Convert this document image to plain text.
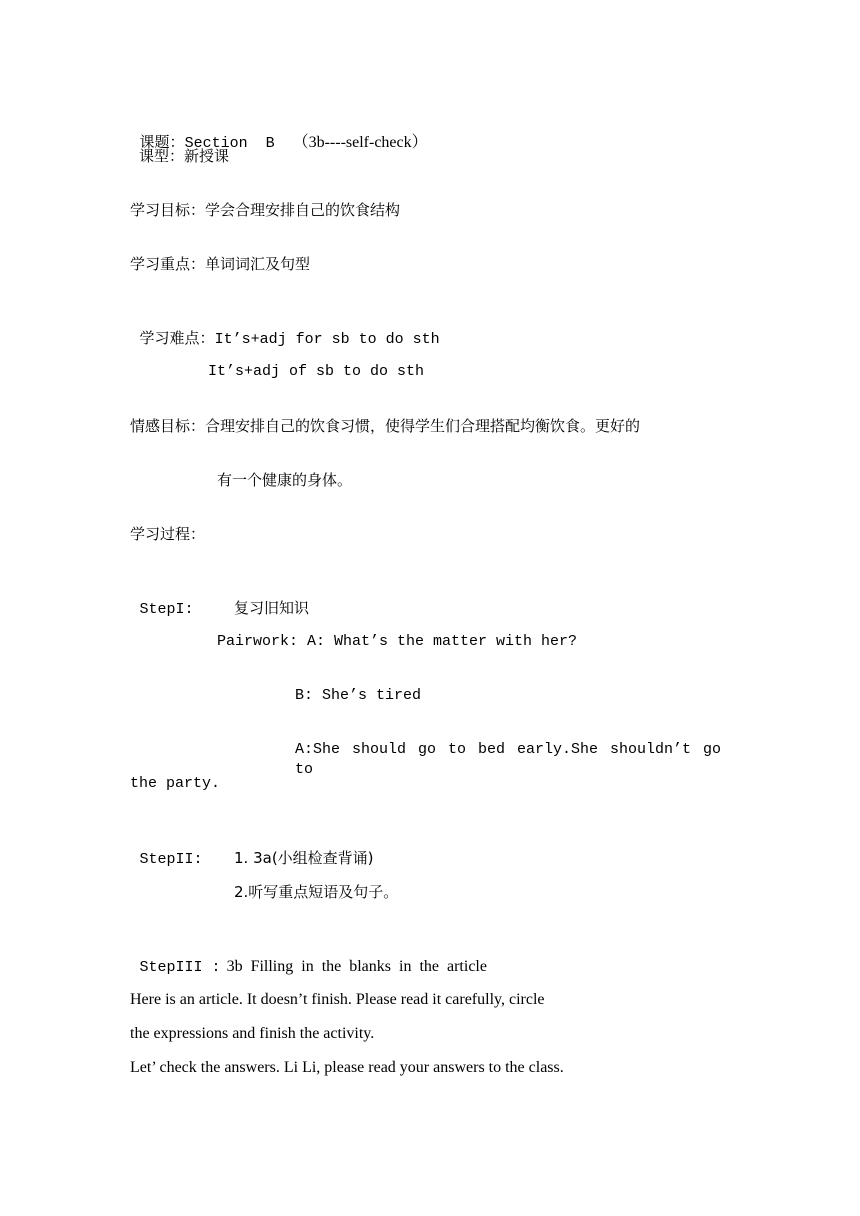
课题：Section  B （3b----self-check）

课型：新授课
学习目标：学会合理安排自己的饮食结构
学习重点：单词词汇及句型

学习难点：It’s+adj for sb to do sth

It’s+adj of sb to do sth
情感目标：合理安排自己的饮食习惯，使得学生们合理搭配均衡饮食。更好的
有一个健康的身体。
学习过程：

StepI:	复习旧知识

Pairwork: A: What’s the matter with her?
B: She’s tired
A:She should go to bed early.She shouldn’t go to
the party.

StepII: 1. 3a(小组检查背诵)

2.听写重点短语及句子。

StepIII : 3b  Filling  in  the  blanks  in  the  article

Here is an article. It doesn’t finish. Please read it carefully, circle
the expressions and finish the activity.
Let’ check the answers. Li Li, please read your answers to the class.
